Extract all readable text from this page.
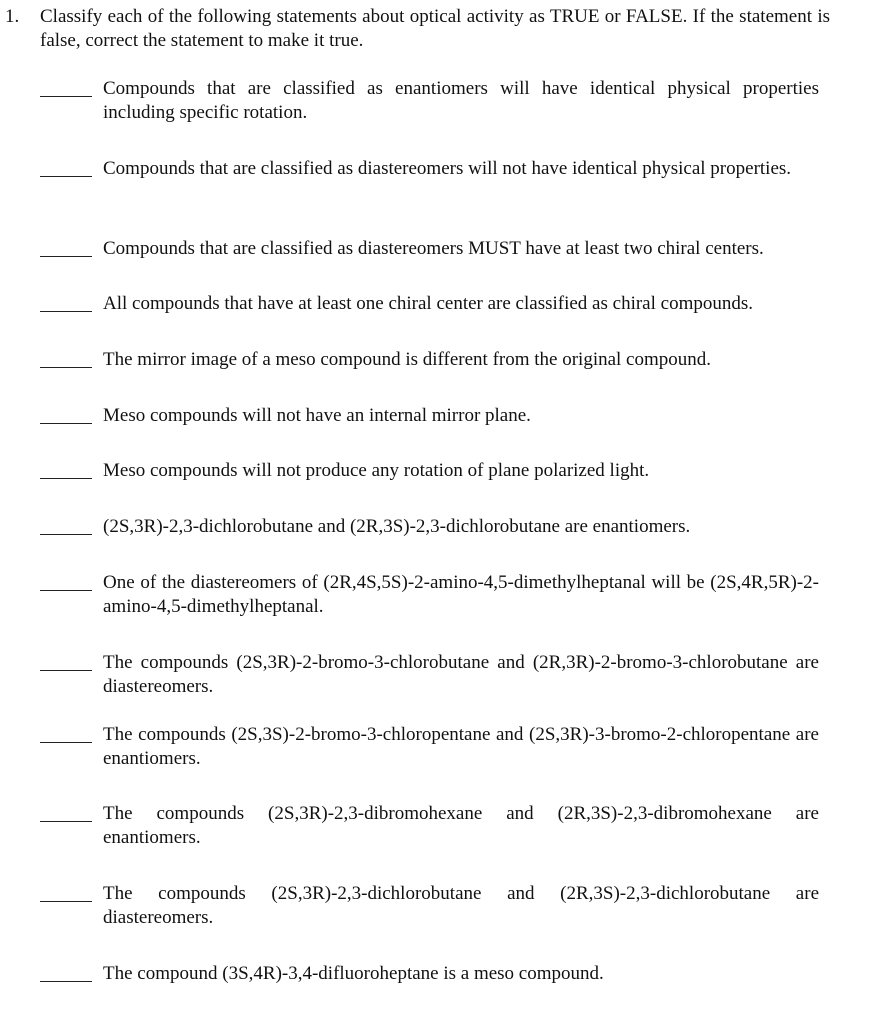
1. Classify each of the following statements about optical activity as TRUE or FALSE. If the statement is false, correct the statement to make it true.
Compounds that are classified as enantiomers will have identical physical properties including specific rotation.
Compounds that are classified as diastereomers will not have identical physical properties.
Compounds that are classified as diastereomers MUST have at least two chiral centers.
All compounds that have at least one chiral center are classified as chiral compounds.
The mirror image of a meso compound is different from the original compound.
Meso compounds will not have an internal mirror plane.
Meso compounds will not produce any rotation of plane polarized light.
(2S,3R)-2,3-dichlorobutane and (2R,3S)-2,3-dichlorobutane are enantiomers.
One of the diastereomers of (2R,4S,5S)-2-amino-4,5-dimethylheptanal will be (2S,4R,5R)-2-amino-4,5-dimethylheptanal.
The compounds (2S,3R)-2-bromo-3-chlorobutane and (2R,3R)-2-bromo-3-chlorobutane are diastereomers.
The compounds (2S,3S)-2-bromo-3-chloropentane and (2S,3R)-3-bromo-2-chloropentane are enantiomers.
The compounds (2S,3R)-2,3-dibromohexane and (2R,3S)-2,3-dibromohexane are enantiomers.
The compounds (2S,3R)-2,3-dichlorobutane and (2R,3S)-2,3-dichlorobutane are diastereomers.
The compound (3S,4R)-3,4-difluoroheptane is a meso compound.
